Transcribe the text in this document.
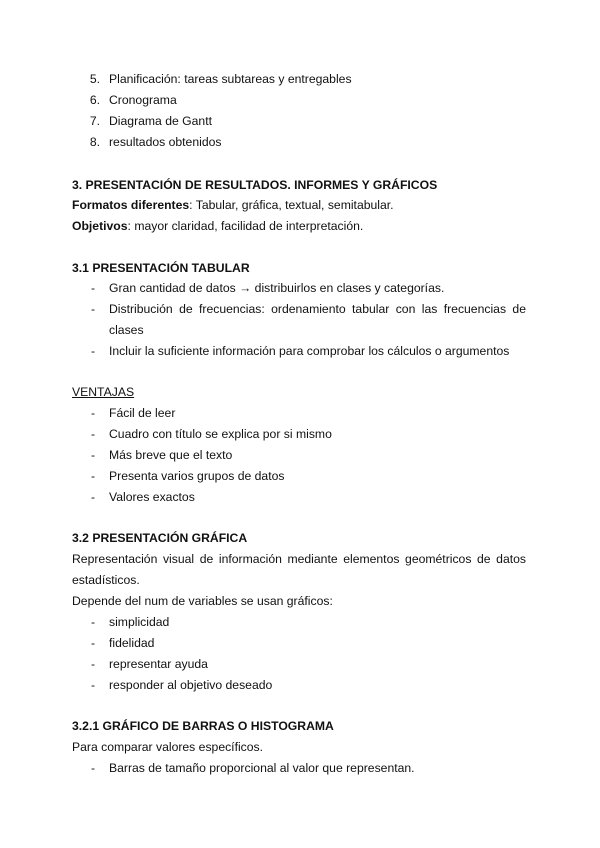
5. Planificación: tareas subtareas y entregables
6. Cronograma
7. Diagrama de Gantt
8. resultados obtenidos
3. PRESENTACIÓN DE RESULTADOS. INFORMES Y GRÁFICOS
Formatos diferentes: Tabular, gráfica, textual, semitabular.
Objetivos: mayor claridad, facilidad de interpretación.
3.1 PRESENTACIÓN TABULAR
- Gran cantidad de datos → distribuirlos en clases y categorías.
- Distribución de frecuencias: ordenamiento tabular con las frecuencias de
clases
- Incluir la suficiente información para comprobar los cálculos o argumentos
VENTAJAS
- Fácil de leer
- Cuadro con título se explica por si mismo
- Más breve que el texto
- Presenta varios grupos de datos
- Valores exactos
3.2 PRESENTACIÓN GRÁFICA
Representación visual de información mediante elementos geométricos de datos
estadísticos.
Depende del num de variables se usan gráficos:
- simplicidad
- fidelidad
- representar ayuda
- responder al objetivo deseado
3.2.1 GRÁFICO DE BARRAS O HISTOGRAMA
Para comparar valores específicos.
- Barras de tamaño proporcional al valor que representan.
